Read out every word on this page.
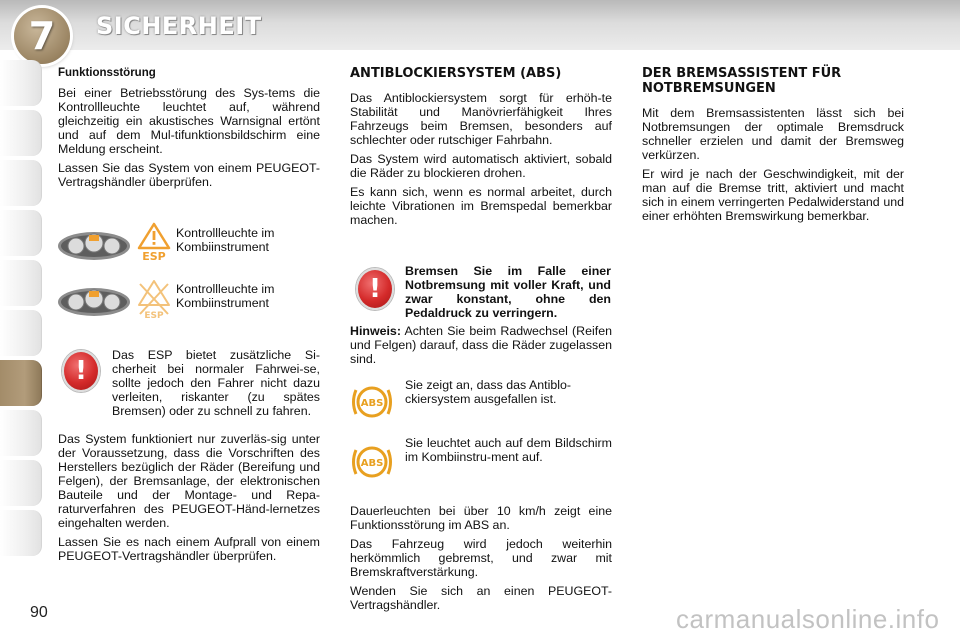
7 SICHERHEIT
Funktionsstörung

Bei einer Betriebsstörung des Sys-tems die Kontrollleuchte leuchtet auf, während gleichzeitig ein akustisches Warnsignal ertönt und auf dem Mul-tifunktionsbildschirm eine Meldung erscheint.

Lassen Sie das System von einem PEUGEOT-Vertragshändler überprüfen.

ESP
Kontrollleuchte im Kombiinstrument
ESP
Kontrollleuchte im Kombiinstrument
!

Das ESP bietet zusätzliche Si-cherheit bei normaler Fahrwei-se, sollte jedoch den Fahrer nicht dazu verleiten, riskanter (zu spätes Bremsen) oder zu schnell zu fahren.

Das System funktioniert nur zuverläs-sig unter der Voraussetzung, dass die Vorschriften des Herstellers bezüglich der Räder (Bereifung und Felgen), der Bremsanlage, der elektronischen Bauteile und der Montage- und Repa-raturverfahren des PEUGEOT-Händ-lernetzes eingehalten werden.

Lassen Sie es nach einem Aufprall von einem PEUGEOT-Vertragshändler überprüfen.

ANTIBLOCKIERSYSTEM (ABS)

Das Antiblockiersystem sorgt für erhöh-te Stabilität und Manövrierfähigkeit Ihres Fahrzeugs beim Bremsen, besonders auf schlechter oder rutschiger Fahrbahn.

Das System wird automatisch aktiviert, sobald die Räder zu blockieren drohen.

Es kann sich, wenn es normal arbeitet, durch leichte Vibrationen im Bremspedal bemerkbar machen.

!

Bremsen Sie im Falle einer Notbremsung mit voller Kraft, und zwar konstant, ohne den Pedaldruck zu verringern.

Hinweis: Achten Sie beim Radwechsel (Reifen und Felgen) darauf, dass die Räder zugelassen sind.

ABS
Sie zeigt an, dass das Antiblo-ckiersystem ausgefallen ist.
ABS
Sie leuchtet auch auf dem Bildschirm im Kombiinstru-ment auf.

Dauerleuchten bei über 10 km/h zeigt eine Funktionsstörung im ABS an.

Das Fahrzeug wird jedoch weiterhin herkömmlich gebremst, und zwar mit Bremskraftverstärkung.

Wenden Sie sich an einen PEUGEOT-Vertragshändler.

DER BREMSASSISTENT FÜR NOTBREMSUNGEN

Mit dem Bremsassistenten lässt sich bei Notbremsungen der optimale Bremsdruck schneller erzielen und damit der Bremsweg verkürzen.

Er wird je nach der Geschwindigkeit, mit der man auf die Bremse tritt, aktiviert und macht sich in einem verringerten Pedalwiderstand und einer erhöhten Bremswirkung bemerkbar.

90	carmanualsonline.info
